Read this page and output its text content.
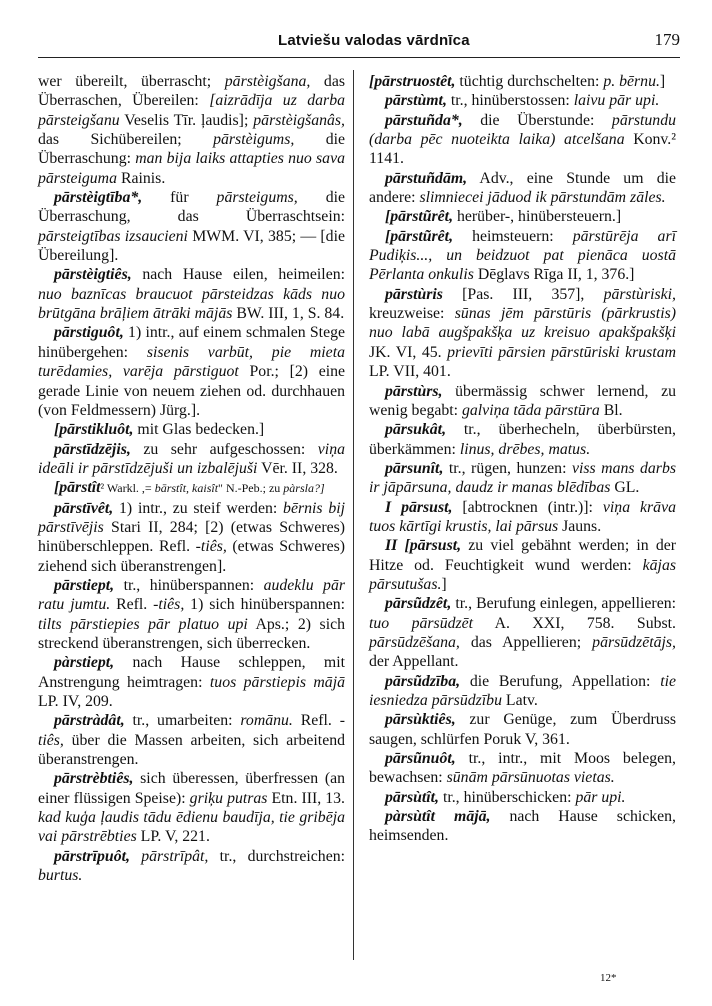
Latviešu valodas vārdnīca	179

wer übereilt, überrascht; pārstèigšana, das Überraschen, Übereilen: [aizrādīja uz darba pārsteigšanu Veselis Tīr. ļaudis]; pārstèigšanâs, das Sichübereilen; pārstèigums, die Überraschung: man bija laiks attapties nuo sava pārsteiguma Rainis.

pārstèigtība*, für pārsteigums, die Überraschung, das Überraschtsein: pārsteigtības izsaucieni MWM. VI, 385; — [die Übereilung].

pārstèigtiês, nach Hause eilen, heimeilen: nuo baznīcas braucuot pārsteidzas kāds nuo brūtgāna brāļiem ātrāki mājās BW. III, 1, S. 84.

pārstiguôt, 1) intr., auf einem schmalen Stege hinübergehen: sisenis varbūt, pie mieta turēdamies, varēja pārstiguot Por.; [2) eine gerade Linie von neuem ziehen od. durchhauen (von Feldmessern) Jürg.].

[pārstikluôt, mit Glas bedecken.]

pārstīdzējis, zu sehr aufgeschossen: viņa ideāli ir pārstīdzējuši un izbalējuši Vēr. II, 328.

[pārstît² Warkl. ,= bārstît, kaisît" N.-Peb.; zu pàrsla?]

pārstīvêt, 1) intr., zu steif werden: bērnis bij pārstīvējis Stari II, 284; [2) (etwas Schweres) hinüberschleppen. Refl. -tiês, (etwas Schweres) ziehend sich überanstrengen].

pārstiept, tr., hinüberspannen: audeklu pār ratu jumtu. Refl. -tiês, 1) sich hinüberspannen: tilts pārstiepies pār platuo upi Aps.; 2) sich streckend überanstrengen, sich überrecken.

pàrstiept, nach Hause schleppen, mit Anstrengung heimtragen: tuos pārstiepis mājā LP. IV, 209.

pārstràdât, tr., umarbeiten: romānu. Refl. -tiês, über die Massen arbeiten, sich arbeitend überanstrengen.

pārstrèbtiês, sich überessen, überfressen (an einer flüssigen Speise): griķu putras Etn. III, 13. kad kuģa ļaudis tādu ēdienu baudīja, tie gribēja vai pārstrēbties LP. V, 221.

pārstrīpuôt, pārstrīpât, tr., durchstreichen: burtus.

[pārstruostêt, tüchtig durchschelten: p. bērnu.]

pārstùmt, tr., hinüberstossen: laivu pār upi.

pārstuñda*, die Überstunde: pārstundu (darba pēc nuoteikta laika) atcelšana Konv.² 1141.

pārstuñdām, Adv., eine Stunde um die andere: slimniecei jāduod ik pārstundām zāles.

[pārstũrêt, herüber-, hinübersteuern.]

[pārstũrêt, heimsteuern: pārstūrēja arī Pudiķis..., un beidzuot pat pienāca uostā Pērlanta onkulis Dēglavs Rīga II, 1, 376.]

pārstùris [Pas. III, 357], pārstùriski, kreuzweise: sūnas jēm pārstūris (pārkrustis) nuo labā augšpakšķa uz kreisuo apakšpakšķi JK. VI, 45. prievīti pārsien pārstūriski krustam LP. VII, 401.

pārstùrs, übermässig schwer lernend, zu wenig begabt: galviņa tāda pārstūra Bl.

pārsukât, tr., überhecheln, überbürsten, überkämmen: linus, drēbes, matus.

pārsunît, tr., rügen, hunzen: viss mans darbs ir jāpārsuna, daudz ir manas blēdības GL.

I pārsust, [abtrocknen (intr.)]: viņa krāva tuos kārtīgi krustis, lai pārsus Jauns.

II [pārsust, zu viel gebähnt werden; in der Hitze od. Feuchtigkeit wund werden: kājas pārsutušas.]

pārsũdzêt, tr., Berufung einlegen, appellieren: tuo pārsūdzēt A. XXI, 758. Subst. pārsūdzēšana, das Appellieren; pārsūdzētājs, der Appellant.

pārsũdzība, die Berufung, Appellation: tie iesniedza pārsūdzību Latv.

pārsùktiês, zur Genüge, zum Überdruss saugen, schlürfen Poruk V, 361.

pārsũnuôt, tr., intr., mit Moos belegen, bewachsen: sūnām pārsūnuotas vietas.

pārsùtît, tr., hinüberschicken: pār upi.

pàrsùtît mājā, nach Hause schicken, heimsenden.

12*
